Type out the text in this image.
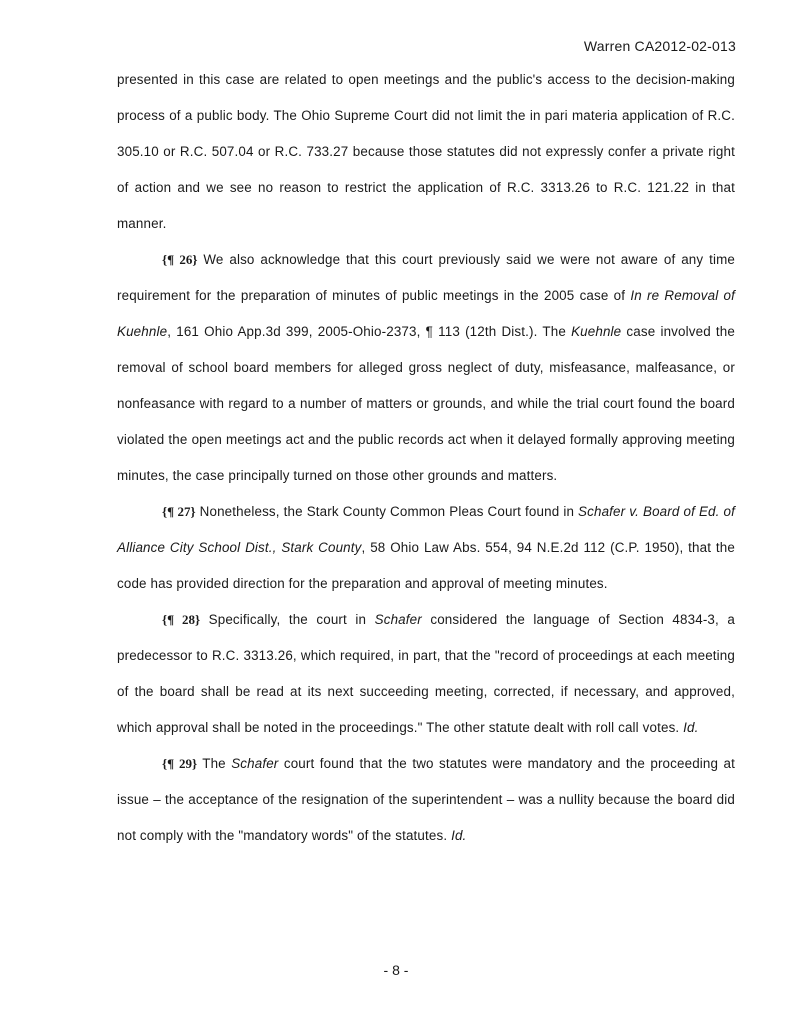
Warren CA2012-02-013

presented in this case are related to open meetings and the public's access to the decision-making process of a public body. The Ohio Supreme Court did not limit the in pari materia application of R.C. 305.10 or R.C. 507.04 or R.C. 733.27 because those statutes did not expressly confer a private right of action and we see no reason to restrict the application of R.C. 3313.26 to R.C. 121.22 in that manner.

{¶ 26} We also acknowledge that this court previously said we were not aware of any time requirement for the preparation of minutes of public meetings in the 2005 case of In re Removal of Kuehnle, 161 Ohio App.3d 399, 2005-Ohio-2373, ¶ 113 (12th Dist.). The Kuehnle case involved the removal of school board members for alleged gross neglect of duty, misfeasance, malfeasance, or nonfeasance with regard to a number of matters or grounds, and while the trial court found the board violated the open meetings act and the public records act when it delayed formally approving meeting minutes, the case principally turned on those other grounds and matters.

{¶ 27} Nonetheless, the Stark County Common Pleas Court found in Schafer v. Board of Ed. of Alliance City School Dist., Stark County, 58 Ohio Law Abs. 554, 94 N.E.2d 112 (C.P. 1950), that the code has provided direction for the preparation and approval of meeting minutes.

{¶ 28} Specifically, the court in Schafer considered the language of Section 4834-3, a predecessor to R.C. 3313.26, which required, in part, that the "record of proceedings at each meeting of the board shall be read at its next succeeding meeting, corrected, if necessary, and approved, which approval shall be noted in the proceedings." The other statute dealt with roll call votes. Id.

{¶ 29} The Schafer court found that the two statutes were mandatory and the proceeding at issue – the acceptance of the resignation of the superintendent – was a nullity because the board did not comply with the "mandatory words" of the statutes. Id.

- 8 -
